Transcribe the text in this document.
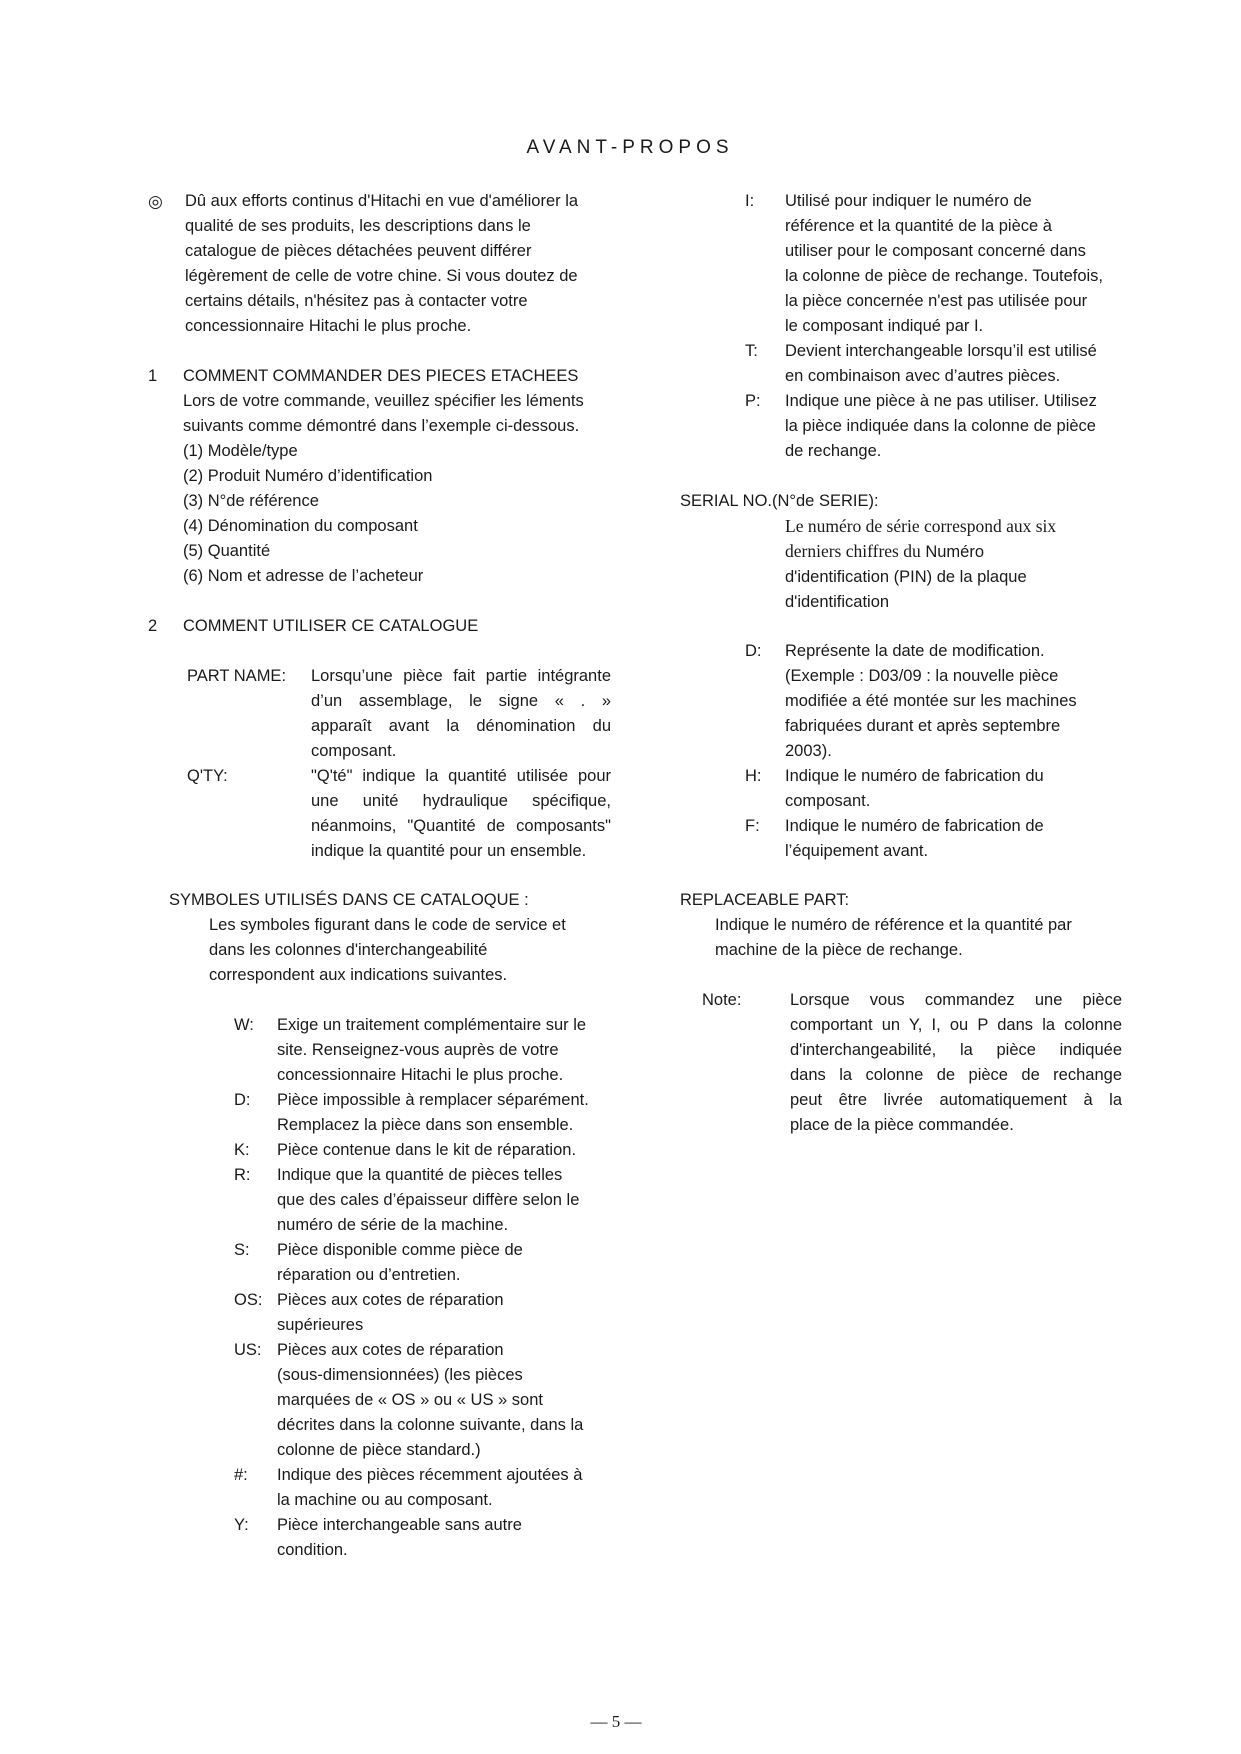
AVANT-PROPOS
◎ Dû aux efforts continus d'Hitachi en vue d'améliorer la
qualité de ses produits, les descriptions dans le
catalogue de pièces détachées peuvent différer
légèrement de celle de votre chine. Si vous doutez de
certains détails, n'hésitez pas à contacter votre
concessionnaire Hitachi le plus proche.
1 COMMENT COMMANDER DES PIECES ETACHEES
Lors de votre commande, veuillez spécifier les léments
suivants comme démontré dans l’exemple ci-dessous.
(1) Modèle/type
(2) Produit Numéro d’identification
(3) N°de référence
(4) Dénomination du composant
(5) Quantité
(6) Nom et adresse de l’acheteur
2 COMMENT UTILISER CE CATALOGUE
PART NAME: Lorsqu’une pièce fait partie intégrante
d’un assemblage, le signe « . »
apparaît avant la dénomination du
composant.
Q'TY:	"Q'té" indique la quantité utilisée pour
une unité hydraulique spécifique,
néanmoins, "Quantité de composants"
indique la quantité pour un ensemble.
SYMBOLES UTILISÉS DANS CE CATALOQUE :
Les symboles figurant dans le code de service et
dans les colonnes d'interchangeabilité
correspondent aux indications suivantes.
W: Exige un traitement complémentaire sur le
site. Renseignez-vous auprès de votre
concessionnaire Hitachi le plus proche.
D: Pièce impossible à remplacer séparément.
Remplacez la pièce dans son ensemble.
K: Pièce contenue dans le kit de réparation.
R: Indique que la quantité de pièces telles
que des cales d’épaisseur diffère selon le
numéro de série de la machine.
S: Pièce disponible comme pièce de
réparation ou d’entretien.
OS: Pièces aux cotes de réparation
supérieures
US: Pièces aux cotes de réparation
(sous-dimensionnées) (les pièces
marquées de « OS » ou « US » sont
décrites dans la colonne suivante, dans la
colonne de pièce standard.)
#: Indique des pièces récemment ajoutées à
la machine ou au composant.
Y: Pièce interchangeable sans autre
condition.
I: Utilisé pour indiquer le numéro de
référence et la quantité de la pièce à
utiliser pour le composant concerné dans
la colonne de pièce de rechange. Toutefois,
la pièce concernée n'est pas utilisée pour
le composant indiqué par I.
T: Devient interchangeable lorsqu’il est utilisé
en combinaison avec d’autres pièces.
P: Indique une pièce à ne pas utiliser. Utilisez
la pièce indiquée dans la colonne de pièce
de rechange.
SERIAL NO.(N°de SERIE):
Le numéro de série correspond aux six
derniers chiffres du Numéro
d'identification (PIN) de la plaque
d'identification
D: Représente la date de modification.
(Exemple : D03/09 : la nouvelle pièce
modifiée a été montée sur les machines
fabriquées durant et après septembre
2003).
H: Indique le numéro de fabrication du
composant.
F: Indique le numéro de fabrication de
l’équipement avant.
REPLACEABLE PART:
Indique le numéro de référence et la quantité par
machine de la pièce de rechange.
Note:	Lorsque vous commandez une pièce
comportant un Y, I, ou P dans la colonne
d'interchangeabilité, la pièce indiquée
dans la colonne de pièce de rechange
peut être livrée automatiquement à la
place de la pièce commandée.
— 5 —
